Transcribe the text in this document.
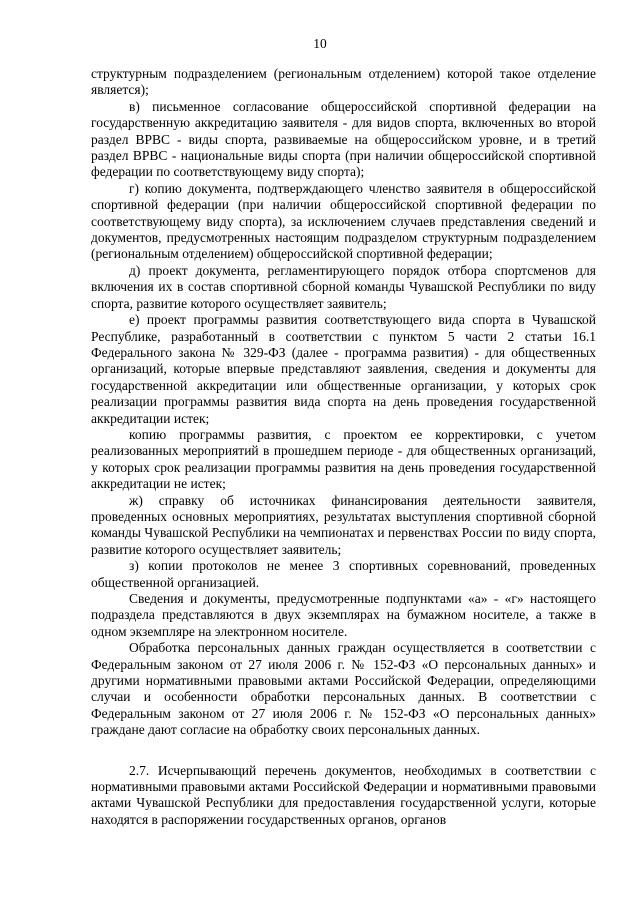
10

структурным подразделением (региональным отделением) которой такое отделение является);

в) письменное согласование общероссийской спортивной федерации на государственную аккредитацию заявителя - для видов спорта, включенных во второй раздел ВРВС - виды спорта, развиваемые на общероссийском уровне, и в третий раздел ВРВС - национальные виды спорта (при наличии общероссийской спортивной федерации по соответствующему виду спорта);

г) копию документа, подтверждающего членство заявителя в общероссийской спортивной федерации (при наличии общероссийской спортивной федерации по соответствующему виду спорта), за исключением случаев представления сведений и документов, предусмотренных настоящим подразделом структурным подразделением (региональным отделением) общероссийской спортивной федерации;

д) проект документа, регламентирующего порядок отбора спортсменов для включения их в состав спортивной сборной команды Чувашской Республики по виду спорта, развитие которого осуществляет заявитель;

е) проект программы развития соответствующего вида спорта в Чувашской Республике, разработанный в соответствии с пунктом 5 части 2 статьи 16.1 Федерального закона № 329-ФЗ (далее - программа развития) - для общественных организаций, которые впервые представляют заявления, сведения и документы для государственной аккредитации или общественные организации, у которых срок реализации программы развития вида спорта на день проведения государственной аккредитации истек;

копию программы развития, с проектом ее корректировки, с учетом реализованных мероприятий в прошедшем периоде - для общественных организаций, у которых срок реализации программы развития на день проведения государственной аккредитации не истек;

ж) справку об источниках финансирования деятельности заявителя, проведенных основных мероприятиях, результатах выступления спортивной сборной команды Чувашской Республики на чемпионатах и первенствах России по виду спорта, развитие которого осуществляет заявитель;

з) копии протоколов не менее 3 спортивных соревнований, проведенных общественной организацией.

Сведения и документы, предусмотренные подпунктами «а» - «г» настоящего подраздела представляются в двух экземплярах на бумажном носителе, а также в одном экземпляре на электронном носителе.

Обработка персональных данных граждан осуществляется в соответствии с Федеральным законом от 27 июля 2006 г. № 152-ФЗ «О персональных данных» и другими нормативными правовыми актами Российской Федерации, определяющими случаи и особенности обработки персональных данных. В соответствии с Федеральным законом от 27 июля 2006 г. № 152-ФЗ «О персональных данных» граждане дают согласие на обработку своих персональных данных.

2.7. Исчерпывающий перечень документов, необходимых в соответствии с нормативными правовыми актами Российской Федерации и нормативными правовыми актами Чувашской Республики для предоставления государственной услуги, которые находятся в распоряжении государственных органов, органов
